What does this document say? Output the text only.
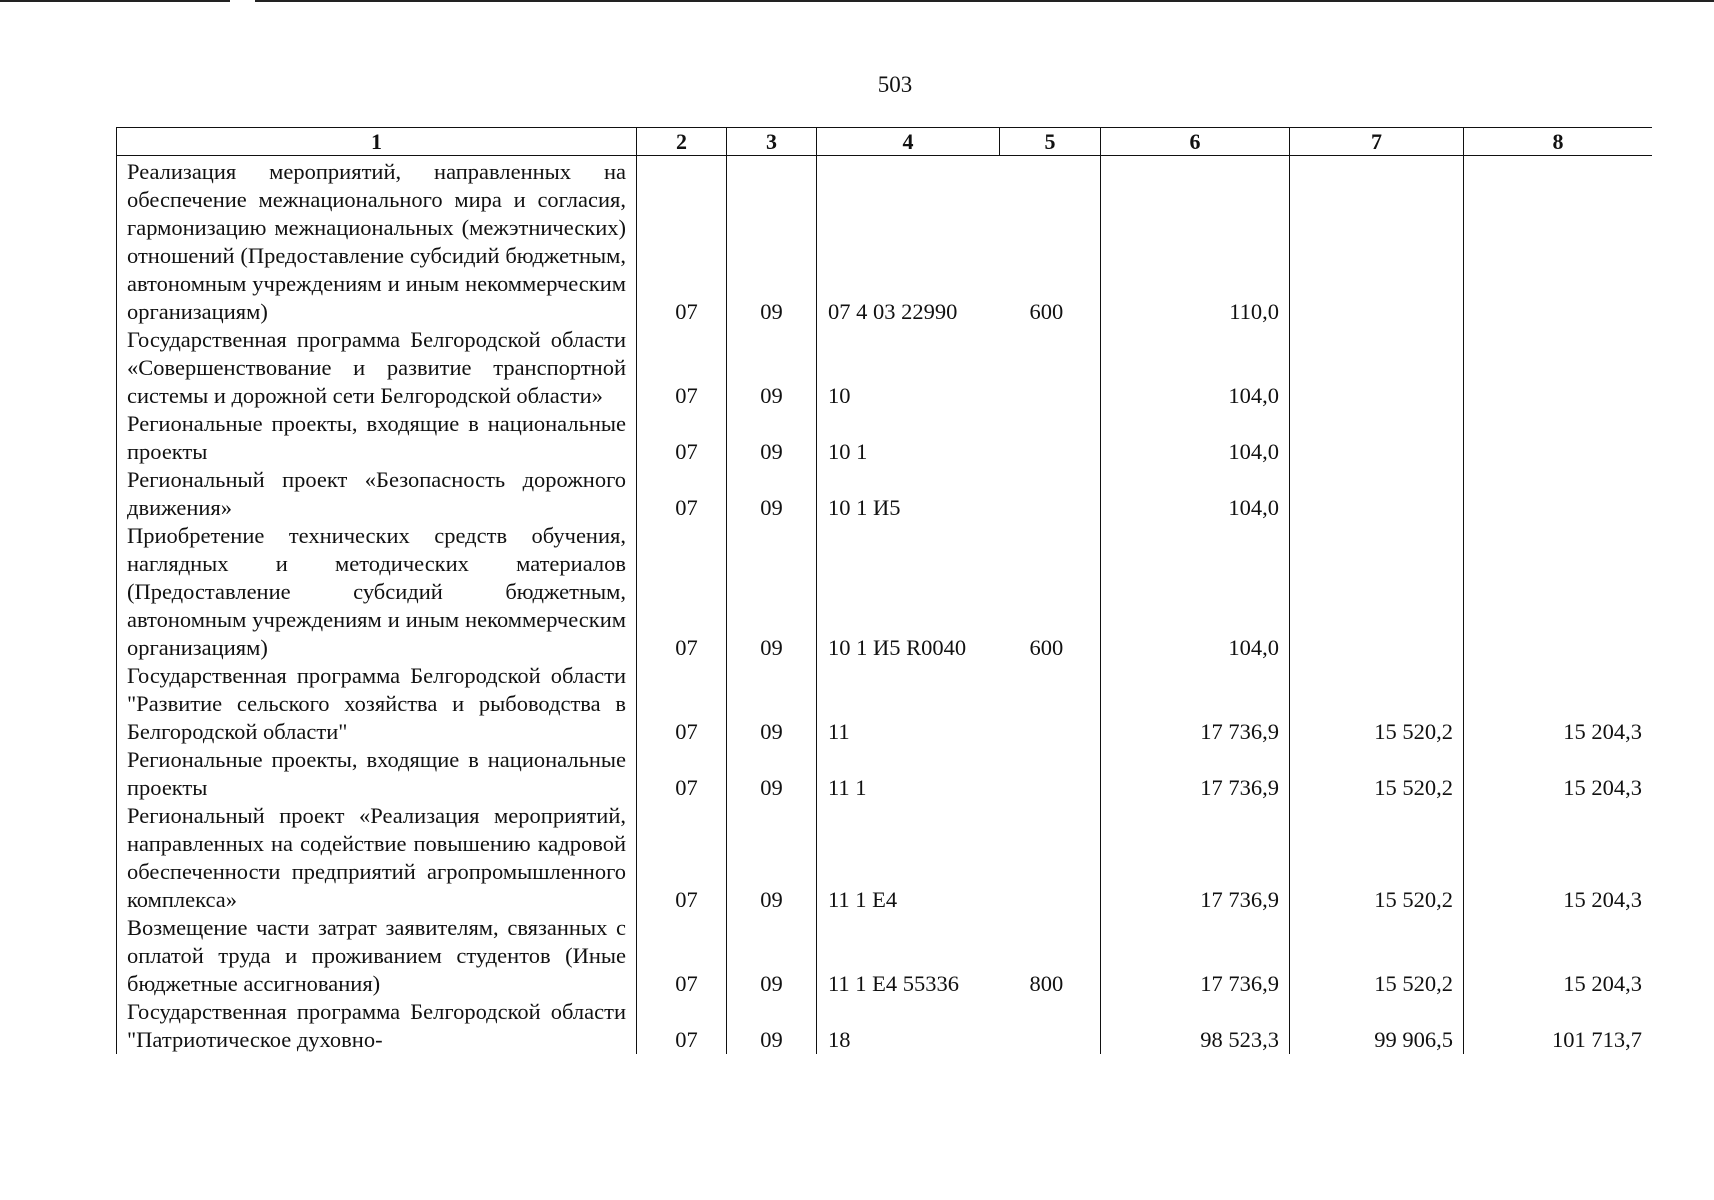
503
1	2	3	4	5	6	7	8
Реализация мероприятий, направленных на обеспечение межнационального мира и согласия, гармонизацию межнациональных (межэтнических) отношений (Предоставление субсидий бюджетным, автономным учреждениям и иным некоммерческим организациям)	07	09	07 4 03 22990	600	110,0		
Государственная программа Белгородской области «Совершенствование и развитие транспортной системы и дорожной сети Белгородской области»	07	09	10		104,0		
Региональные проекты, входящие в национальные проекты	07	09	10 1		104,0		
Региональный проект «Безопасность дорожного движения»	07	09	10 1 И5		104,0		
Приобретение технических средств обучения, наглядных и методических материалов (Предоставление субсидий бюджетным, автономным учреждениям и иным некоммерческим организациям)	07	09	10 1 И5 R0040	600	104,0		
Государственная программа Белгородской области "Развитие сельского хозяйства и рыбоводства в Белгородской области"	07	09	11		17 736,9	15 520,2	15 204,3
Региональные проекты, входящие в национальные проекты	07	09	11 1		17 736,9	15 520,2	15 204,3
Региональный проект «Реализация мероприятий, направленных на содействие повышению кадровой обеспеченности предприятий агропромышленного комплекса»	07	09	11 1 Е4		17 736,9	15 520,2	15 204,3
Возмещение части затрат заявителям, связанных с оплатой труда и проживанием студентов (Иные бюджетные ассигнования)	07	09	11 1 Е4 55336	800	17 736,9	15 520,2	15 204,3
Государственная программа Белгородской области "Патриотическое духовно-	07	09	18		98 523,3	99 906,5	101 713,7
